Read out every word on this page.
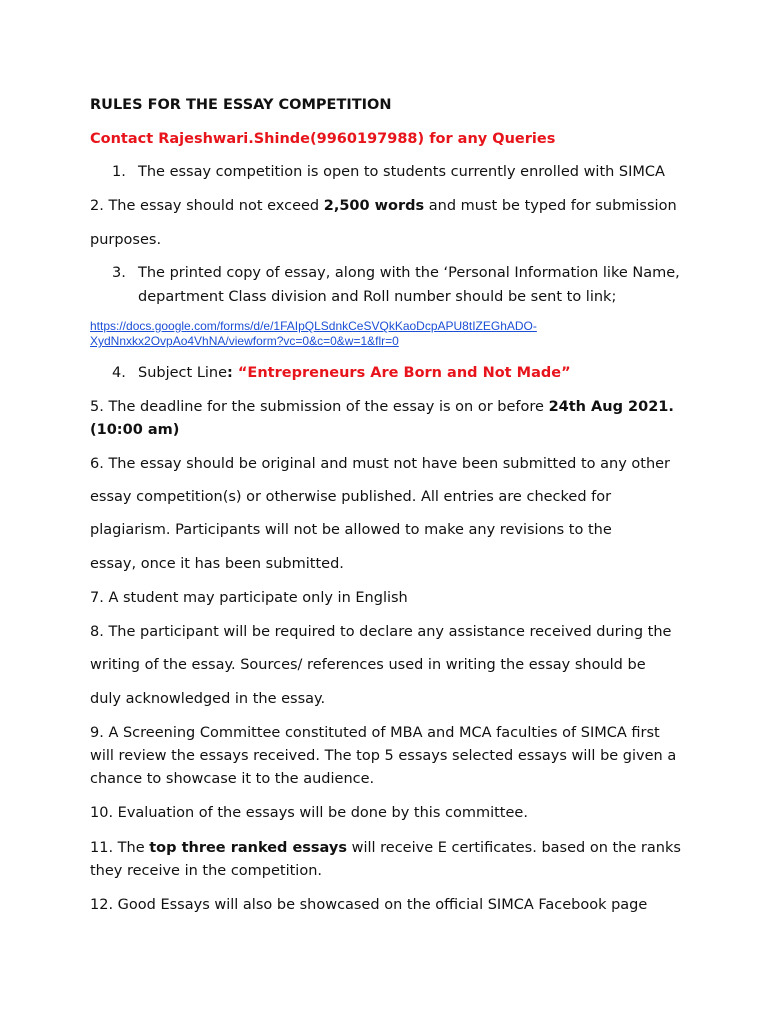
RULES FOR THE ESSAY COMPETITION
Contact Rajeshwari.Shinde(9960197988) for any Queries
1. The essay competition is open to students currently enrolled with SIMCA
2. The essay should not exceed 2,500 words and must be typed for submission
purposes.
3. The printed copy of essay, along with the ‘Personal Information like Name,
department Class division and Roll number should be sent to link;
https://docs.google.com/forms/d/e/1FAIpQLSdnkCeSVQkKaoDcpAPU8tIZEGhADO-
XydNnxkx2OvpAo4VhNA/viewform?vc=0&c=0&w=1&flr=0
4. Subject Line: “Entrepreneurs Are Born and Not Made”
5. The deadline for the submission of the essay is on or before 24th Aug 2021.
(10:00 am)
6. The essay should be original and must not have been submitted to any other
essay competition(s) or otherwise published. All entries are checked for
plagiarism. Participants will not be allowed to make any revisions to the
essay, once it has been submitted.
7. A student may participate only in English
8. The participant will be required to declare any assistance received during the
writing of the essay. Sources/ references used in writing the essay should be
duly acknowledged in the essay.
9. A Screening Committee constituted of MBA and MCA faculties of SIMCA first
will review the essays received. The top 5 essays selected essays will be given a
chance to showcase it to the audience.
10. Evaluation of the essays will be done by this committee.
11. The top three ranked essays will receive E certificates. based on the ranks
they receive in the competition.
12. Good Essays will also be showcased on the official SIMCA Facebook page
